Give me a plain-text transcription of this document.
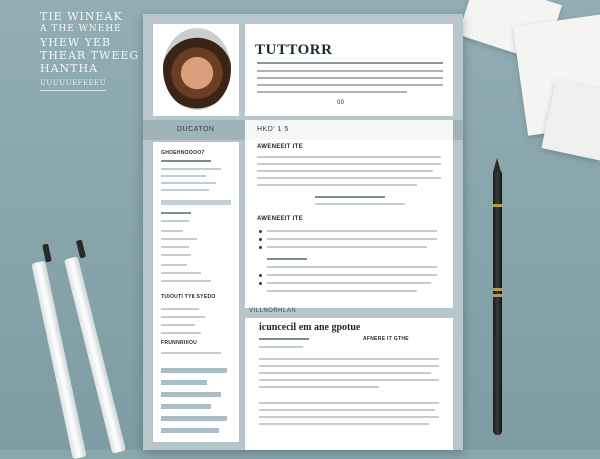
TIE WINEAK
A THE WNEHE
YHEW YEB
THEAR TWEEG
HANTHA
UUUUUEFEEEU
TUTTORR
00
DUCATON
GHOEHNOOOO7
TUIOUTI TY8 SYEDO
FRUNNRIIIOU
HKD' 1 5
AWENEEIT ITE
AWENEEIT ITE
VILLNORHLAN
icuncecil em ane gpotue
AFNERE IT GTHE
